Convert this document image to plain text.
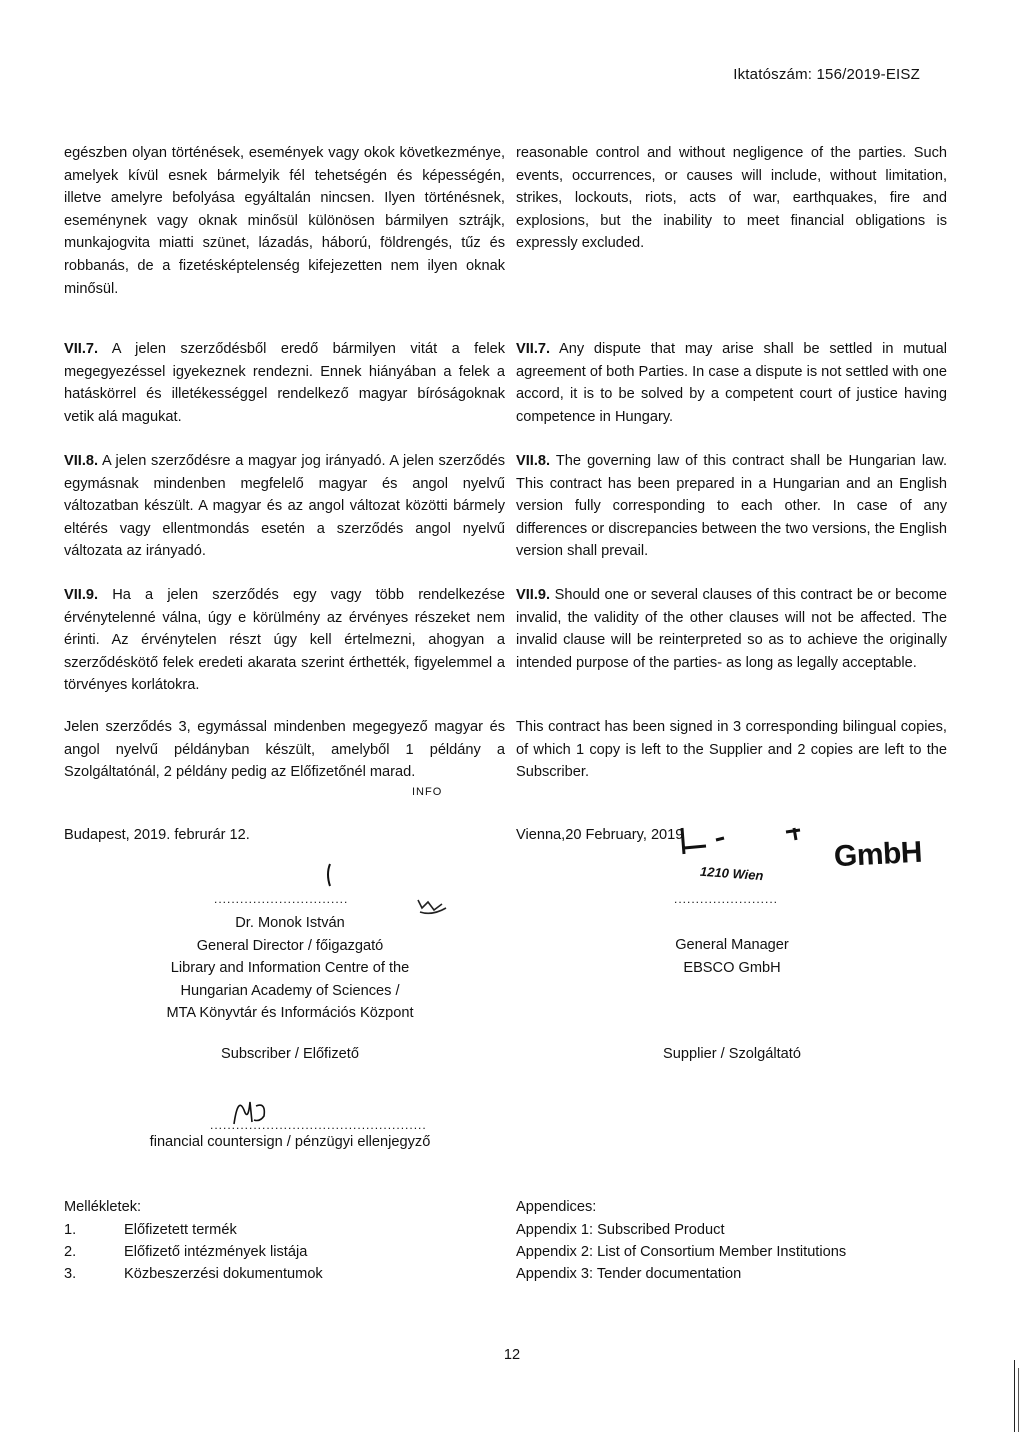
Iktatószám: 156/2019-EISZ

egészben olyan történések, események vagy okok következménye, amelyek kívül esnek bármelyik fél tehetségén és képességén, illetve amelyre befolyása egyáltalán nincsen. Ilyen történésnek, eseménynek vagy oknak minősül különösen bármilyen sztrájk, munkajogvita miatti szünet, lázadás, háború, földrengés, tűz és robbanás, de a fizetésképtelenség kifejezetten nem ilyen oknak minősül.

VII.7. A jelen szerződésből eredő bármilyen vitát a felek megegyezéssel igyekeznek rendezni. Ennek hiányában a felek a hatáskörrel és illetékességgel rendelkező magyar bíróságoknak vetik alá magukat.

VII.8. A jelen szerződésre a magyar jog irányadó. A jelen szerződés egymásnak mindenben megfelelő magyar és angol nyelvű változatban készült. A magyar és az angol változat közötti bármely eltérés vagy ellentmondás esetén a szerződés angol nyelvű változata az irányadó.

VII.9. Ha a jelen szerződés egy vagy több rendelkezése érvénytelenné válna, úgy e körülmény az érvényes részeket nem érinti. Az érvénytelen részt úgy kell értelmezni, ahogyan a szerződéskötő felek eredeti akarata szerint érthették, figyelemmel a törvényes korlátokra.

Jelen szerződés 3, egymással mindenben megegyező magyar és angol nyelvű példányban készült, amelyből 1 példány a Szolgáltatónál, 2 példány pedig az Előfizetőnél marad.

Budapest, 2019. februrár 12.

reasonable control and without negligence of the parties. Such events, occurrences, or causes will include, without limitation, strikes, lockouts, riots, acts of war, earthquakes, fire and explosions, but the inability to meet financial obligations is expressly excluded.

VII.7. Any dispute that may arise shall be settled in mutual agreement of both Parties. In case a dispute is not settled with one accord, it is to be solved by a competent court of justice having competence in Hungary.

VII.8. The governing law of this contract shall be Hungarian law. This contract has been prepared in a Hungarian and an English version fully corresponding to each other. In case of any differences or discrepancies between the two versions, the English version shall prevail.

VII.9. Should one or several clauses of this contract be or become invalid, the validity of the other clauses will not be affected. The invalid clause will be reinterpreted so as to achieve the originally intended purpose of the parties- as long as legally acceptable.

This contract has been signed in 3 corresponding bilingual copies, of which 1 copy is left to the Supplier and 2 copies are left to the Subscriber.

Vienna,20 February, 2019
INFO
GmbH
1210 Wien
...............................
Dr. Monok István
General Director / főigazgató
Library and Information Centre of the
Hungarian Academy of Sciences /
MTA Könyvtár és Információs Központ
Subscriber / Előfizető
........................
General Manager
EBSCO GmbH
Supplier / Szolgáltató
..................................................
financial countersign / pénzügyi ellenjegyző
Mellékletek:
1.	Előfizetett termék
2.	Előfizető intézmények listája
3.	Közbeszerzési dokumentumok
Appendices:
Appendix 1: Subscribed Product
Appendix 2: List of Consortium Member Institutions
Appendix 3: Tender documentation
12
